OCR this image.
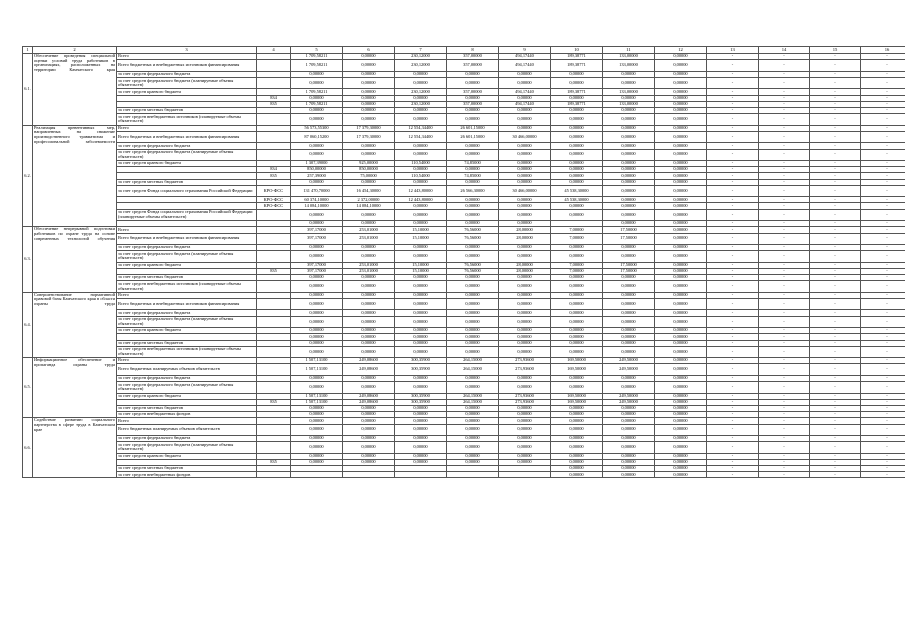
1	2	3	4	5	6	7	8	9	10	11	12	13	14	15	16
6.1.	Обеспечение проведения специальной оценки условий труда работников в организациях, расположенных на территории Камчатского края	Всего		1 709,58211	0,00000	230,12000	357,00000	494,17440	189,38771	133,00000	0,00000	-	-	-	-
		Всего бюджетных и внебюджетных источников финансирования		1 709,58211	0,00000	230,12000	357,00000	494,17440	189,38771	133,00000	0,00000	-	-	-	-
		за счет средств федерального бюджета		0,00000	0,00000	0,00000	0,00000	0,00000	0,00000	0,00000	0,00000	-	-	-	-
		за счет средств федерального бюджета (планируемые объемы обязательств)		0,00000	0,00000	0,00000	0,00000	0,00000	0,00000	0,00000	0,00000	-	-	-	-
		за счет средств краевого бюджета		1 709,58211	0,00000	230,12000	357,00000	494,17440	189,38771	133,00000	0,00000	-	-	-	-
			834	0,00000	0,00000	0,00000	0,00000	0,00000	0,00000	0,00000	0,00000	-	-	-	-
			835	1 709,58211	0,00000	230,12000	357,00000	494,17440	189,38771	133,00000	0,00000	-	-	-	-
		за счет средств местных бюджетов		0,00000	0,00000	0,00000	0,00000	0,00000	0,00000	0,00000	0,00000	-	-	-	-
		за счет средств внебюджетных источников (планируемые объемы обязательств)		0,00000	0,00000	0,00000	0,00000	0,00000	0,00000	0,00000	0,00000	-	-	-	-
6.2.	Реализация превентивных мер, направленных на снижение производственного травматизма и профессиональной заболеваемости	Всего		56 573,55300	17 379,30000	12 554,34400	26 601,15000	0,00000	0,00000	0,00000	0,00000	-	-	-	-
		Всего бюджетных и внебюджетных источников финансирования		87 060,15200	17 379,30000	12 554,34400	26 601,15000	30 466,00000	0,00000	0,00000	0,00000	-	-	-	-
		за счет средств федерального бюджета		0,00000	0,00000	0,00000	0,00000	0,00000	0,00000	0,00000	0,00000	-	-	-	-
		за счет средств федерального бюджета (планируемые объемы обязательств)		0,00000	0,00000	0,00000	0,00000	0,00000	0,00000	0,00000	0,00000	-	-	-	-
		за счет средств краевого бюджета		1 307,39000	925,00000	110,54000	74,85000	0,00000	0,00000	0,00000	0,00000	-	-	-	-
			834	850,00000	850,00000	0,00000	0,00000	0,00000	0,00000	0,00000	0,00000	-	-	-	-
			835	257,39000	75,00000	110,54000	74,85000	0,00000	0,00000	0,00000	0,00000	-	-	-	-
		за счет средств местных бюджетов		0,00000	0,00000	0,00000	0,00000	0,00000	0,00000	0,00000	0,00000	-	-	-	-
		за счет средств Фонда социального страхования Российской Федерации	КРО-ФСС	131 470,70000	16 454,30000	12 443,80000	26 566,30000	30 466,00000	45 538,30000	0,00000	0,00000	-	-	-	-
			КРО-ФСС	60 374,10000	2 372,00000	12 443,80000	0,00000	0,00000	45 538,30000	0,00000	0,00000	-	-	-	-
			КРО-ФСС	14 084,10000	14 084,10000	0,00000	0,00000	0,00000	0,00000	0,00000	0,00000	-	-	-	-
		за счет средств Фонда социального страхования Российской Федерации (планируемые объемы обязательств)		0,00000	0,00000	0,00000	0,00000	0,00000	0,00000	0,00000	0,00000	-	-	-	-
				0,00000	0,00000	0,00000	0,00000	0,00000		0,00000	0,00000	-	-	-	-
6.3.	Обеспечение непрерывной подготовки работников по охране труда на основе современных технологий обучения	Всего		397,17000	253,01000	15,10000	76,56000	28,00000	7,00000	17,50000	0,00000	-	-	-	-
		Всего бюджетных и внебюджетных источников финансирования		397,17000	253,01000	15,10000	76,56000	28,00000	7,00000	17,50000	0,00000	-	-	-	-
		за счет средств федерального бюджета		0,00000	0,00000	0,00000	0,00000	0,00000	0,00000	0,00000	0,00000	-	-	-	-
		за счет средств федерального бюджета (планируемые объемы обязательств)		0,00000	0,00000	0,00000	0,00000	0,00000	0,00000	0,00000	0,00000	-	-	-	-
		за счет средств краевого бюджета		397,17000	253,01000	15,10000	76,56000	28,00000	7,00000	17,50000	0,00000	-	-	-	-
			835	397,17000	253,01000	15,10000	76,56000	28,00000	7,00000	17,50000	0,00000	-	-	-	-
		за счет средств местных бюджетов		0,00000	0,00000	0,00000	0,00000	0,00000	0,00000	0,00000	0,00000	-	-	-	-
		за счет средств внебюджетных источников (планируемые объемы обязательств)		0,00000	0,00000	0,00000	0,00000	0,00000	0,00000	0,00000	0,00000	-	-	-	-
6.4.	Совершенствование нормативной правовой базы Камчатского края в области охраны труда	Всего		0,00000	0,00000	0,00000	0,00000	0,00000	0,00000	0,00000	0,00000	-	-	-	-
		Всего бюджетных и внебюджетных источников финансирования		0,00000	0,00000	0,00000	0,00000	0,00000	0,00000	0,00000	0,00000	-	-	-	-
		за счет средств федерального бюджета		0,00000	0,00000	0,00000	0,00000	0,00000	0,00000	0,00000	0,00000	-	-	-	-
		за счет средств федерального бюджета (планируемые объемы обязательств)		0,00000	0,00000	0,00000	0,00000	0,00000	0,00000	0,00000	0,00000	-	-	-	-
		за счет средств краевого бюджета		0,00000	0,00000	0,00000	0,00000	0,00000	0,00000	0,00000	0,00000	-	-	-	-
				0,00000	0,00000	0,00000	0,00000	0,00000	0,00000	0,00000	0,00000	-	-	-	-
		за счет средств местных бюджетов		0,00000	0,00000	0,00000	0,00000	0,00000	0,00000	0,00000	0,00000	-	-	-	-
		за счет средств внебюджетных источников (планируемые объемы обязательств)		0,00000	0,00000	0,00000	0,00000	0,00000	0,00000	0,00000	0,00000	-	-	-	-
6.5.	Информационное обеспечение и пропаганда охраны труда	Всего		1 507,13100	249,08600	300,35900	264,15000	273,93600	169,50000	249,50000	0,00000	-	-	-	-
		Всего бюджетных планируемых объемов обязательств		1 507,13100	249,08600	300,35900	264,15000	273,93600	169,50000	249,50000	0,00000	-	-	-	-
		за счет средств федерального бюджета		0,00000	0,00000	0,00000	0,00000	0,00000	0,00000	0,00000	0,00000	-	-	-	-
		за счет средств федерального бюджета (планируемые объемы обязательств)		0,00000	0,00000	0,00000	0,00000	0,00000	0,00000	0,00000	0,00000	-	-	-	-
		за счет средств краевого бюджета		1 507,13100	249,08600	300,35900	264,15000	273,93600	169,50000	249,50000	0,00000	-	-	-	-
			835	1 507,13100	249,08600	300,35900	264,15000	273,93600	169,50000	249,50000	0,00000	-	-	-	-
		за счет средств местных бюджетов		0,00000	0,00000	0,00000	0,00000	0,00000	0,00000	0,00000	0,00000	-	-	-	-
		за счет средств внебюджетных фондов		0,00000	0,00000	0,00000	0,00000	0,00000	0,00000	0,00000	0,00000	-	-	-	-
6.6.	Содействие развитию социального партнерства в сфере труда в Камчатском крае	Всего		0,00000	0,00000	0,00000	0,00000	0,00000	0,00000	0,00000	0,00000	-	-	-	-
		Всего бюджетных планируемых объемов обязательств		0,00000	0,00000	0,00000	0,00000	0,00000	0,00000	0,00000	0,00000	-	-	-	-
		за счет средств федерального бюджета		0,00000	0,00000	0,00000	0,00000	0,00000	0,00000	0,00000	0,00000	-	-	-	-
		за счет средств федерального бюджета (планируемые объемы обязательств)		0,00000	0,00000	0,00000	0,00000	0,00000	0,00000	0,00000	0,00000	-	-	-	-
		за счет средств краевого бюджета		0,00000	0,00000	0,00000	0,00000	0,00000	0,00000	0,00000	0,00000	-	-	-	-
			835	0,00000	0,00000	0,00000	0,00000	0,00000	0,00000	0,00000	0,00000	-	-	-	-
		за счет средств местных бюджетов							0,00000	0,00000	0,00000	-	-	-	-
		за счет средств внебюджетных фондов							0,00000	0,00000	0,00000	-	-	-	-
